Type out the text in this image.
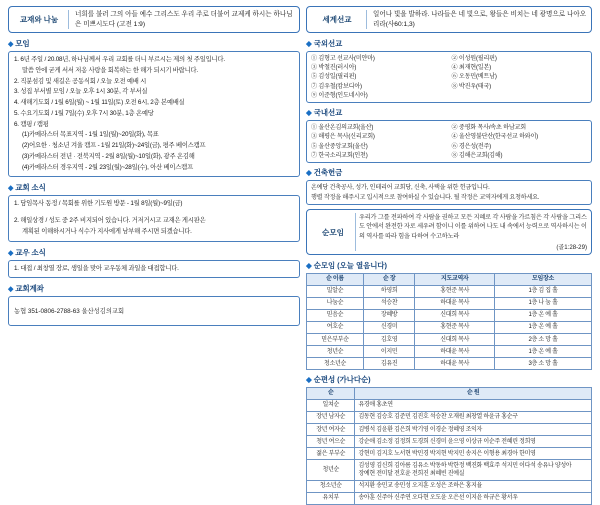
교재와 나눔
너희를 불러 그의 아들 예수 그리스도 우리 주로 더불어 교제케 하시는 하나님은 미쁘시도다 (고전 1:9)
◆ 모임

1. 6년 주일 / 20.08년, 하나님께서 우리 교회를 더니 부르시는 제의 첫 주일입니다.

말씀 안에 굳게 서서 저옹 사랑을 회복하는 한 해가 되시기 바랍니다.

2. 직분섬김 및 새길은 공동식회 / 오늘 오전 예배 시

3. 성집 부서별 모임 / 오늘 오후 1시 30분, 각 부서실

4. 새해기도회 / 1월 6일(월) ~ 1월 11일(토) 오전 6시, 2층 본예배실

5. 수요기도회 / 1월 7일(수) 오후 7시 30분, 1층 온예당

6. 캠핑 / 캠핑

(1)카메라스터 목표지역 - 1월 1일(월)~20일(화), 목표

(2)어요한 · 청소년 겨울 캠프 - 1월 21일(화)~24일(금), 평주 베이스캠프

(3)카메라스터 전년 · 전북지역 - 2월 8일(월)~10일(화), 광주 온김해

(4)카메라스터 경우지역 - 2월 23일(월)~28일(수), 아산 베이스캠프

◆ 교회 소식

1. 담임목사 동정 / 목회를 위한 기도원 방문 - 1월 8일(월)~9일(금)

2. 해일상경 / 성도 중 2주 비지되어 있습니다. 거저거시고 교재은 게시판은

계획된 이해하시거나 식수가 지사에게 남부해 주시면 되겠습니다.

◆ 교우 소식

1. 대접 / 최창열 장로, 생일을 맞아 교우동체 과일을 대접합니다.

◆ 교회계좌

농협 351-0806-2788-63 울산성김의교회

세계선교
일어나 빛을 발하라. 나라들은 네 빛으로, 왕들은 비치는 네 광명으로 나아오리라(사60:1,3)
◆ 국외선교

① 김형고 선교사(미얀마)	② 이성원(필리핀)

③ 박철진(러시아)	④ 최재현(일본)

⑤ 김성일(필리핀)	⑥ 오동민(베트남)

⑦ 김우철(캄보디아)	⑧ 박진우(태국)

⑨ 이준형(인도네시아)

◆ 국내선교

① 울산온김의교회(울산)	② 중평화 목사/속초 하남교회

③ 해평은 목사(신리교회)	④ 울산영불단산(한국선교 하와이)

⑤ 울산중앙교회(울산)	⑥ 경은성(전주)

⑦ 한국소리교회(인천)	⑧ 김해은교회(김해)

◆ 건축헌금

온예당 건축공사, 성가, 인테리어 교회당, 신축, 사택을 위한 헌금입니다.

행렬 작정을 해주시고 입시적으로 참여하실 수 있습니다. 될 작정은 교역자에게 요청하세요.

순모임
우리가 그를 전파하여 각 사람을 권하고 모든 지혜로 각 사람을 가르침은 각 사람을 그리스도 안에서 완전한 자로 세우려 함이니 이를 위하여 나도 내 속에서 능력으로 역사하시는 이의 역사를 따라 힘을 다하여 수고하노라
(골1:28-29)
◆ 순모임 (오늘 열음니다)
순 이름	순 장	지도교역자	모임장소
밀알순	하영희	홍현준 목사	1층 김 집 홀
나눔순	석승찬	하대윤 목사	1층 나 눔 홀
믿음순	장혜방	신대희 목사	1층 온 예 홀
여호순	신경미	홍현준 목사	1층 온 예 홀
믿은부부순	김호영	신대희 목사	2층 소 망 홀
청년순	이지민	하대윤 목사	1층 온 예 홀
청소년순	김유진	하대윤 목사	3층 소 망 홀
◆ 순편성 (가나다순)
순	순 원
일쳐순	유경애 홍초연
장년 남자순	김동현 김승호 김준민 김진호 석승찬 오재원 최창열 하윤규 홍순구
장년 여자순	김병석 김윤환 김은희 박기영 이경순 정혜영 조익자
청년 여으순	강순애 김소정 김정희 도경희 신경미 윤으영 이상규 이순주 전혜린 정희영
젊은 부부순	강현미 김지호 노서현 박민경 박지현 박지민 송지은 이형용 최경아 한미영
청년순	김성영 김신희 김아름 김유소 박동하 박한정 백진화 백효주 석지민 이다석 송유나 양성아 장예현 전미달 전호윤 전희진 최혜빈 진예실
청소년순	석지환 송민교 송민성 오지훈 오성은 조하은 홍지율
유치부	송아훈 신주아 신주연 오다현 오도윤 오은선 이지윤 하규은 황서우
